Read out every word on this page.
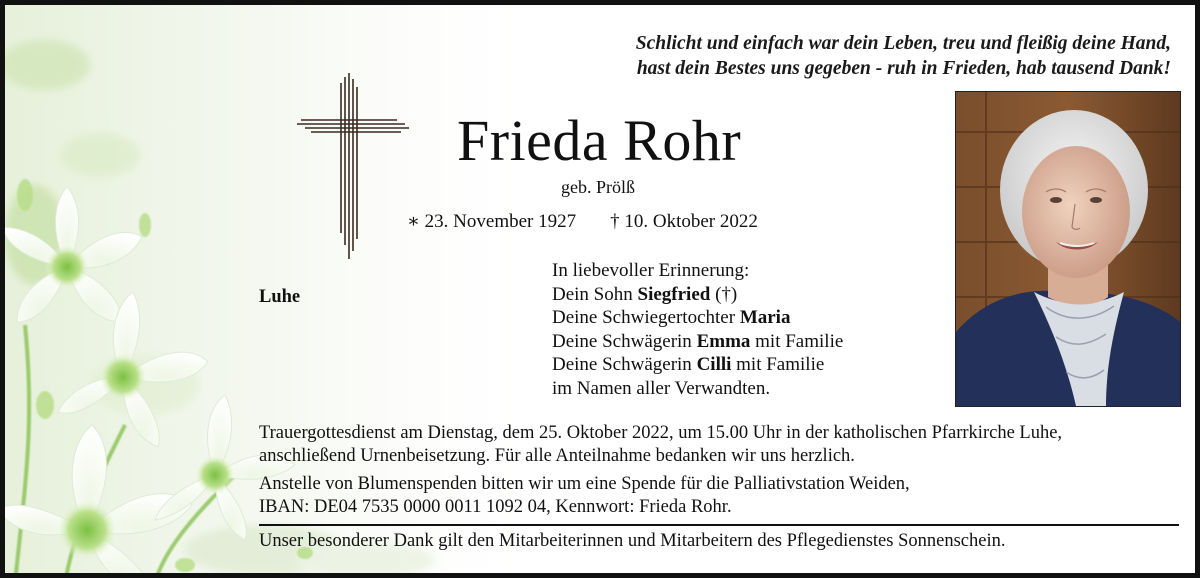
Schlicht und einfach war dein Leben, treu und fleißig deine Hand,
hast dein Bestes uns gegeben - ruh in Frieden, hab tausend Dank!
Frieda Rohr
geb. Prölß
∗ 23. November 1927 † 10. Oktober 2022
Luhe
In liebevoller Erinnerung:
Dein Sohn Siegfried (†)
Deine Schwiegertochter Maria
Deine Schwägerin Emma mit Familie
Deine Schwägerin Cilli mit Familie
im Namen aller Verwandten.
Trauergottesdienst am Dienstag, dem 25. Oktober 2022, um 15.00 Uhr in der katholischen Pfarrkirche Luhe,
anschließend Urnenbeisetzung. Für alle Anteilnahme bedanken wir uns herzlich.
Anstelle von Blumenspenden bitten wir um eine Spende für die Palliativstation Weiden,
IBAN: DE04 7535 0000 0011 1092 04, Kennwort: Frieda Rohr.
Unser besonderer Dank gilt den Mitarbeiterinnen und Mitarbeitern des Pflegedienstes Sonnenschein.
